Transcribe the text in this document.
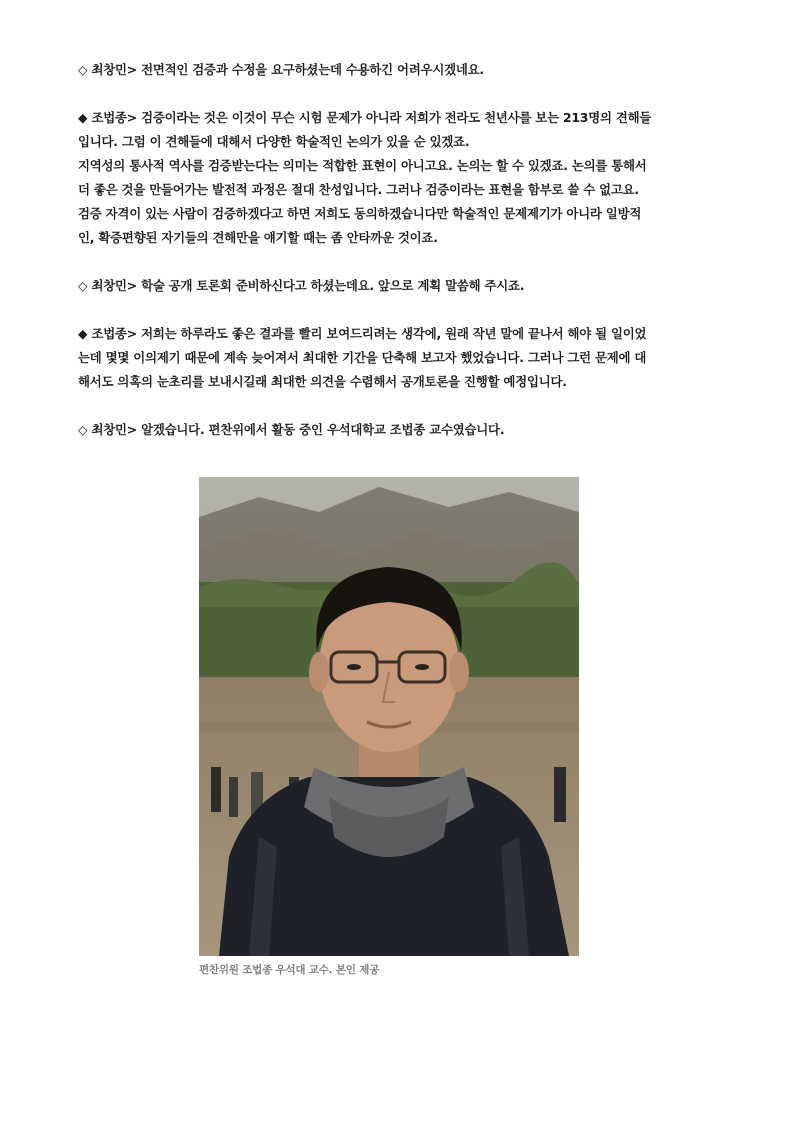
◇ 최창민> 전면적인 검증과 수정을 요구하셨는데 수용하긴 어려우시겠네요.

◆ 조법종> 검증이라는 것은 이것이 무슨 시험 문제가 아니라 저희가 전라도 천년사를 보는 213명의 견해들
입니다. 그럼 이 견해들에 대해서 다양한 학술적인 논의가 있을 순 있겠죠.
지역성의 통사적 역사를 검증받는다는 의미는 적합한 표현이 아니고요. 논의는 할 수 있겠죠. 논의를 통해서
더 좋은 것을 만들어가는 발전적 과정은 절대 찬성입니다. 그러나 검증이라는 표현을 함부로 쓸 수 없고요.
검증 자격이 있는 사람이 검증하겠다고 하면 저희도 동의하겠습니다만 학술적인 문제제기가 아니라 일방적
인, 확증편향된 자기들의 견해만을 얘기할 때는 좀 안타까운 것이죠.

◇ 최창민> 학술 공개 토론회 준비하신다고 하셨는데요. 앞으로 계획 말씀해 주시죠.

◆ 조법종> 저희는 하루라도 좋은 결과를 빨리 보여드리려는 생각에, 원래 작년 말에 끝나서 해야 될 일이었
는데 몇몇 이의제기 때문에 계속 늦어져서 최대한 기간을 단축해 보고자 했었습니다. 그러나 그런 문제에 대
해서도 의혹의 눈초리를 보내시길래 최대한 의견을 수렴해서 공개토론을 진행할 예정입니다.

◇ 최창민> 알겠습니다. 편찬위에서 활동 중인 우석대학교 조법종 교수였습니다.

편찬위원 조법종 우석대 교수. 본인 제공
